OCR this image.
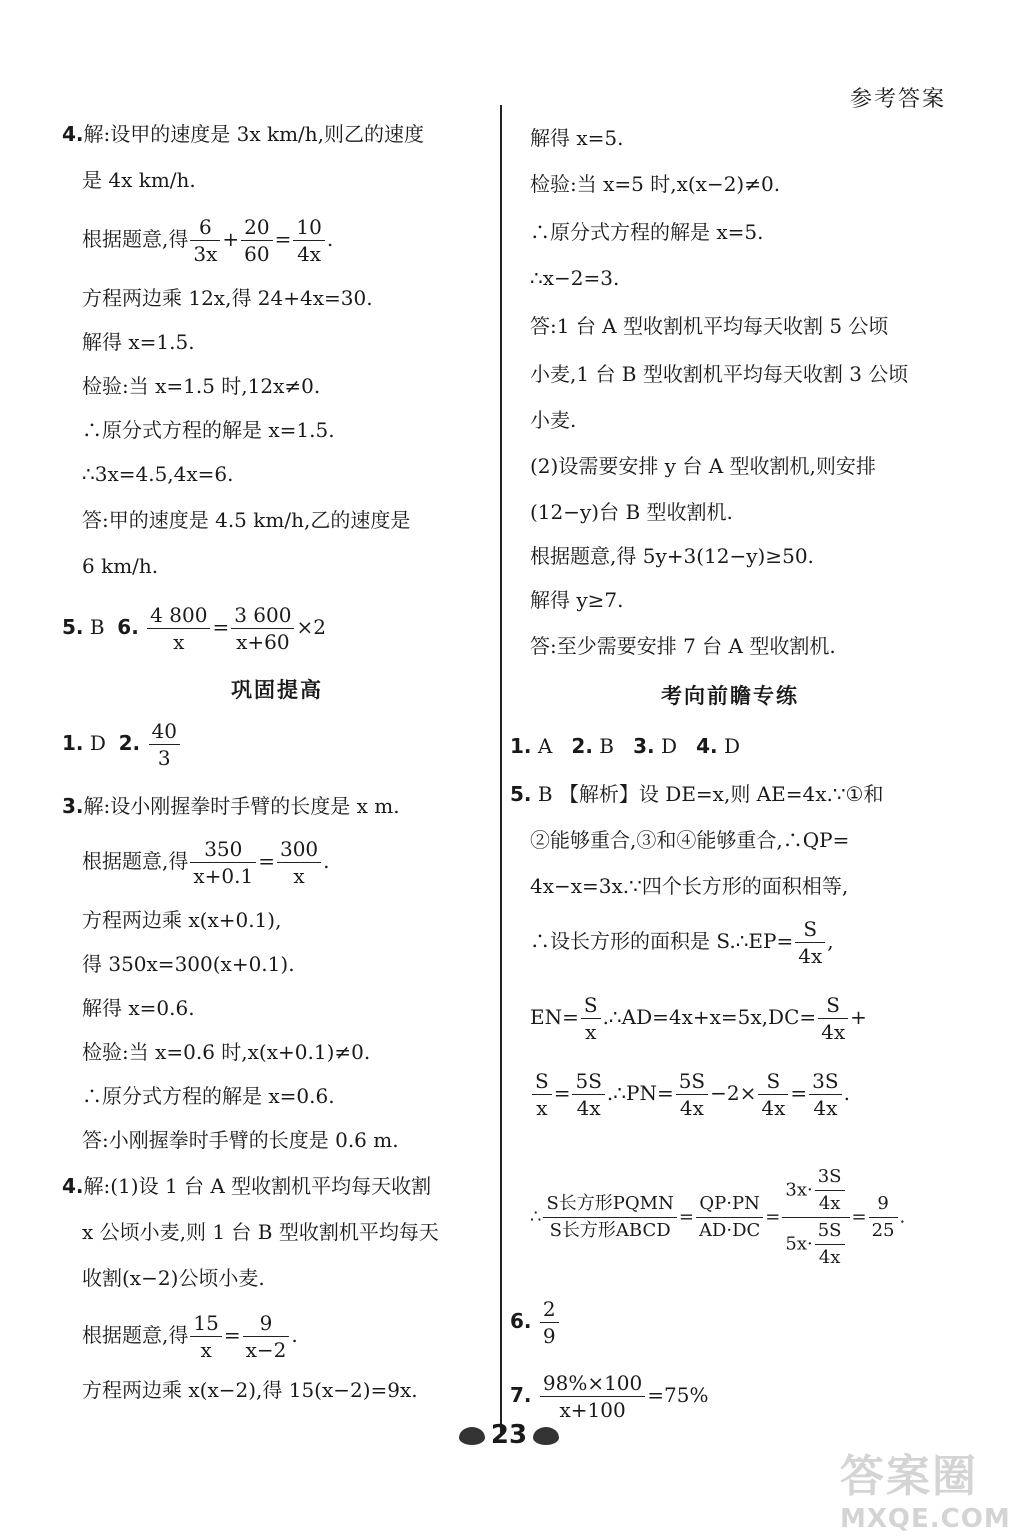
参考答案
4.解:设甲的速度是 3x km/h,则乙的速度
是 4x km/h.
根据题意,得 $\frac{6}{3x} + \frac{20}{60} = \frac{10}{4x}$ .
方程两边乘 12x,得 24+4x=30.
解得 x=1.5.
检验:当 x=1.5 时,12x≠0.
∴原分式方程的解是 x=1.5.
∴3x=4.5,4x=6.
答:甲的速度是 4.5 km/h,乙的速度是
6 km/h.
5. B 6. $\frac{4 800}{x} = \frac{3 600}{x+60} \times 2$
巩固提高
1. D 2. $\frac{40}{3}$
3.解:设小刚握拳时手臂的长度是 x m.
根据题意,得 $\frac{350}{x+0.1} = \frac{300}{x}$ .
方程两边乘 x(x+0.1),
得 350x=300(x+0.1).
解得 x=0.6.
检验:当 x=0.6 时,x(x+0.1)≠0.
∴原分式方程的解是 x=0.6.
答:小刚握拳时手臂的长度是 0.6 m.
4.解:(1)设 1 台 A 型收割机平均每天收割
x 公顷小麦,则 1 台 B 型收割机平均每天
收割(x−2)公顷小麦.
根据题意,得 $\frac{15}{x} = \frac{9}{x-2}$ .
方程两边乘 x(x−2),得 15(x−2)=9x.
解得 x=5.
检验:当 x=5 时,x(x−2)≠0.
∴原分式方程的解是 x=5.
∴x−2=3.
答:1 台 A 型收割机平均每天收割 5 公顷
小麦,1 台 B 型收割机平均每天收割 3 公顷
小麦.
(2)设需要安排 y 台 A 型收割机,则安排
(12−y)台 B 型收割机.
根据题意,得 5y+3(12−y)≥50.
解得 y≥7.
答:至少需要安排 7 台 A 型收割机.
考向前瞻专练
1. A 2. B 3. D 4. D
5. B 【解析】设 DE=x,则 AE=4x.∵①和
②能够重合,③和④能够重合,∴QP=
4x−x=3x.∵四个长方形的面积相等,
∴设长方形的面积是 S.∴EP= $\frac{S}{4x}$ ,
$EN= \frac{S}{x}$ .∴AD=4x+x=5x,DC= $\frac{S}{4x}$ +
$\frac{S}{x} = \frac{5S}{4x}$ .∴PN= $\frac{5S}{4x} -2\times \frac{S}{4x} = \frac{3S}{4x}$ .
∴ $\frac{\text{S长方形PQMN}}{\text{S长方形ABCD}} = \frac{QP\cdot PN}{AD\cdot DC} = \frac{3x\cdot \frac{3S}{4x}}{5x\cdot \frac{5S}{4x}} = \frac{9}{25}$ .
6. $\frac{2}{9}$
7. $\frac{98\%\times 100}{x+100} =75\%$
23
答案圈
MXQE.COM
